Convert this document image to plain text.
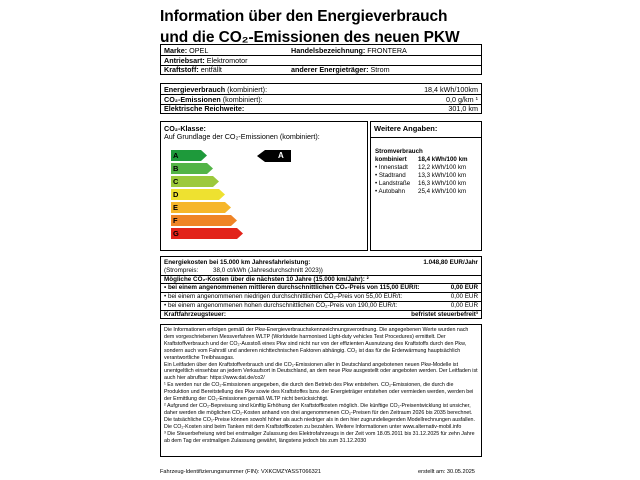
Information über den Energieverbrauch
und die CO₂-Emissionen des neuen PKW
Marke: OPEL	Handelsbezeichnung: FRONTERA
Antriebsart: Elektromotor
Kraftstoff: entfällt	anderer Energieträger: Strom
Energieverbrauch (kombiniert):	18,4 kWh/100km
CO₂-Emissionen (kombiniert):	0,0 g/km ¹
Elektrische Reichweite:	301,0 km
CO₂-Klasse:
Auf Grundlage der CO₂-Emissionen (kombiniert):
A
B
C
D
E
F
G
A
Weitere Angaben:
Stromverbrauch
kombiniert 18,4 kWh/100 km
• Innenstadt 12,2 kWh/100 km
• Stadtrand 13,3 kWh/100 km
• Landstraße 16,3 kWh/100 km
• Autobahn 25,4 kWh/100 km
Energiekosten bei 15.000 km Jahresfahrleistung:	1.048,80 EUR/Jahr
(Strompreis: 38,0 ct/kWh (Jahresdurchschnitt 2023))
Mögliche CO₂-Kosten über die nächsten 10 Jahre (15.000 km/Jahr): ²
• bei einem angenommenen mittleren durchschnittlichen CO₂-Preis von 115,00 EUR/t:	0,00 EUR
• bei einem angenommenen niedrigen durchschnittlichen CO₂-Preis von 55,00 EUR/t:	0,00 EUR
• bei einem angenommenen hohen durchschnittlichen CO₂-Preis von 190,00 EUR/t:	0,00 EUR
Kraftfahrzeugsteuer:	befristet steuerbefreit³

Die Informationen erfolgen gemäß der Pkw-Energieverbrauchskennzeichnungsverordnung. Die angegebenen Werte wurden nach dem vorgeschriebenen Messverfahren WLTP (Worldwide harmonised Light-duty vehicles Test Procedures) ermittelt. Der Kraftstoffverbrauch und der CO₂-Ausstoß eines Pkw sind nicht nur von der effizienten Ausnutzung des Kraftstoffs durch den Pkw, sondern auch vom Fahrstil und anderen nichttechnischen Faktoren abhängig. CO₂ ist das für die Erderwärmung hauptsächlich verantwortliche Treibhausgas.

Ein Leitfaden über den Kraftstoffverbrauch und die CO₂-Emissionen aller in Deutschland angebotenen neuen Pkw-Modelle ist unentgeltlich einsehbar an jedem Verkaufsort in Deutschland, an dem neue Pkw ausgestellt oder angeboten werden. Der Leitfaden ist auch hier abrufbar: https://www.dat.de/co2/

¹ Es werden nur die CO₂-Emissionen angegeben, die durch den Betrieb des Pkw entstehen. CO₂-Emissionen, die durch die Produktion und Bereitstellung des Pkw sowie des Kraftstoffes bzw. der Energieträger entstehen oder vermieden werden, werden bei der Ermittlung der CO₂-Emissionen gemäß WLTP nicht berücksichtigt.

² Aufgrund der CO₂-Bepreisung sind künftig Erhöhung der Kraftstoffkosten möglich. Die künftige CO₂-Preisentwicklung ist unsicher, daher werden die möglichen CO₂-Kosten anhand von drei angenommenen CO₂-Preisen für den Zeitraum 2026 bis 2035 berechnet. Die tatsächliche CO₂-Preise können sowohl höher als auch niedriger als in den hier zugrundeliegenden Modellrechnungen ausfallen. Die CO₂-Kosten sind beim Tanken mit dem Kraftstoffkosten zu bezahlen. Weitere Informationen unter www.alternativ-mobil.info

³ Die Steuerbefreiung wird bei erstmaliger Zulassung des Elektrofahrzeugs in der Zeit vom 18.05.2011 bis 31.12.2025 für zehn Jahre ab dem Tag der erstmaligen Zulassung gewährt, längstens jedoch bis zum 31.12.2030

Fahrzeug-Identifizierungsnummer (FIN): VXKCMZYASST066321	erstellt am: 30.05.2025
